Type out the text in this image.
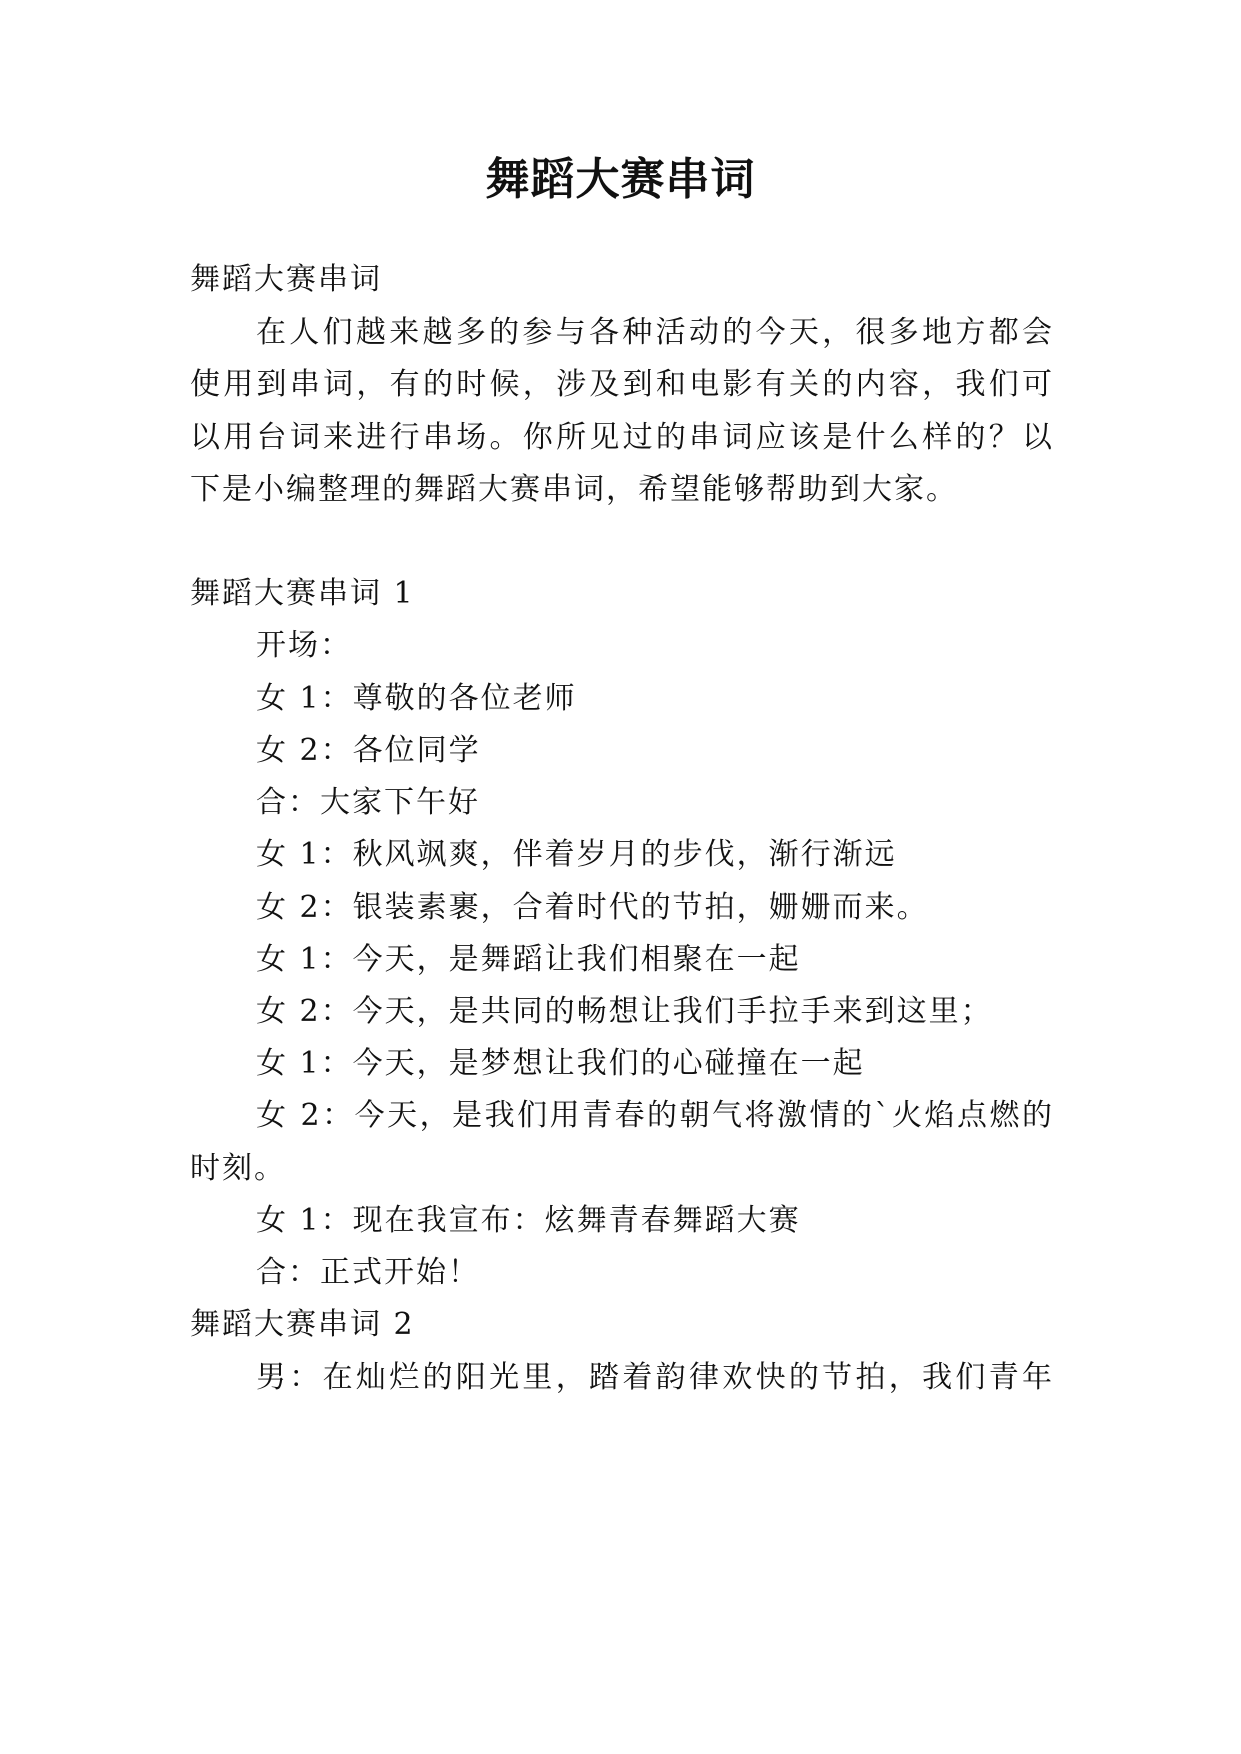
舞蹈大赛串词
舞蹈大赛串词
在人们越来越多的参与各种活动的今天，很多地方都会
使用到串词，有的时候，涉及到和电影有关的内容，我们可
以用台词来进行串场。你所见过的串词应该是什么样的？以
下是小编整理的舞蹈大赛串词，希望能够帮助到大家。
舞蹈大赛串词 1
开场：
女 1：尊敬的各位老师
女 2：各位同学
合：大家下午好
女 1：秋风飒爽，伴着岁月的步伐，渐行渐远
女 2：银装素裹，合着时代的节拍，姗姗而来。
女 1：今天，是舞蹈让我们相聚在一起
女 2：今天，是共同的畅想让我们手拉手来到这里；
女 1：今天，是梦想让我们的心碰撞在一起
女 2：今天，是我们用青春的朝气将激情的`火焰点燃的
时刻。
女 1：现在我宣布：炫舞青春舞蹈大赛
合：正式开始！
舞蹈大赛串词 2
男：在灿烂的阳光里，踏着韵律欢快的节拍，我们青年
